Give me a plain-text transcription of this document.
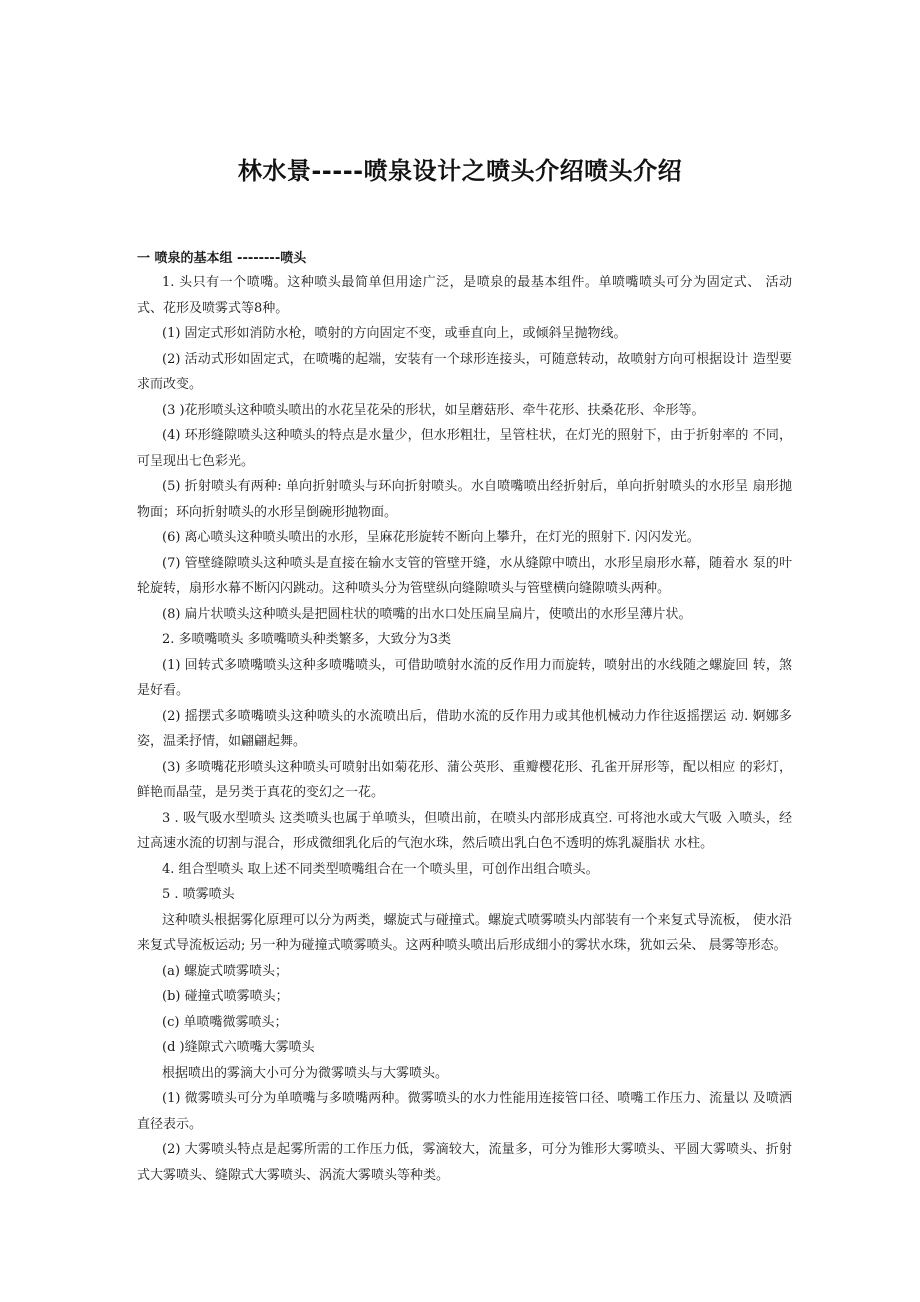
林水景-----喷泉设计之喷头介绍喷头介绍
一 喷泉的基本组 --------喷头

1. 头只有一个喷嘴。这种喷头最简单但用途广泛，是喷泉的最基本组件。单喷嘴喷头可分为固定式、 活动式、花形及喷雾式等8种。

(1) 固定式形如消防水枪，喷射的方向固定不变，或垂直向上，或倾斜呈抛物线。

(2) 活动式形如固定式，在喷嘴的起端，安装有一个球形连接头，可随意转动，故喷射方向可根据设计 造型要求而改变。

(3 )花形喷头这种喷头喷出的水花呈花朵的形状，如呈蘑菇形、牵牛花形、扶桑花形、伞形等。

(4) 环形缝隙喷头这种喷头的特点是水量少，但水形粗壮，呈管柱状，在灯光的照射下，由于折射率的 不同，可呈现出七色彩光。

(5) 折射喷头有两种: 单向折射喷头与环向折射喷头。水自喷嘴喷出经折射后，单向折射喷头的水形呈 扇形抛物面；环向折射喷头的水形呈倒碗形抛物面。

(6) 离心喷头这种喷头喷出的水形，呈麻花形旋转不断向上攀升，在灯光的照射下. 闪闪发光。

(7) 管壁缝隙喷头这种喷头是直接在输水支管的管壁开缝，水从缝隙中喷出，水形呈扇形水幕，随着水 泵的叶轮旋转，扇形水幕不断闪闪跳动。这种喷头分为管壁纵向缝隙喷头与管壁横向缝隙喷头两种。

(8) 扁片状喷头这种喷头是把圆柱状的喷嘴的出水口处压扁呈扁片，使喷出的水形呈薄片状。

2. 多喷嘴喷头 多喷嘴喷头种类繁多，大致分为3类

(1) 回转式多喷嘴喷头这种多喷嘴喷头，可借助喷射水流的反作用力而旋转，喷射出的水线随之螺旋回 转，煞是好看。

(2) 摇摆式多喷嘴喷头这种喷头的水流喷出后，借助水流的反作用力或其他机械动力作往返摇摆运 动. 婀娜多姿，温柔抒情，如翩翩起舞。

(3) 多喷嘴花形喷头这种喷头可喷射出如菊花形、蒲公英形、重瓣樱花形、孔雀开屏形等，配以相应 的彩灯，鲜艳而晶莹，是另类于真花的变幻之一花。

3 . 吸气吸水型喷头 这类喷头也属于单喷头，但喷出前，在喷头内部形成真空. 可将池水或大气吸 入喷头，经过高速水流的切割与混合，形成微细乳化后的气泡水珠，然后喷出乳白色不透明的炼乳凝脂状 水柱。

4. 组合型喷头 取上述不同类型喷嘴组合在一个喷头里，可创作出组合喷头。

5 . 喷雾喷头

这种喷头根据雾化原理可以分为两类，螺旋式与碰撞式。螺旋式喷雾喷头内部装有一个来复式导流板， 使水沿来复式导流板运动; 另一种为碰撞式喷雾喷头。这两种喷头喷出后形成细小的雾状水珠，犹如云朵、 晨雾等形态。

(a) 螺旋式喷雾喷头；

(b) 碰撞式喷雾喷头；

(c) 单喷嘴微雾喷头；

(d )缝隙式六喷嘴大雾喷头

根据喷出的雾滴大小可分为微雾喷头与大雾喷头。

(1) 微雾喷头可分为单喷嘴与多喷嘴两种。微雾喷头的水力性能用连接管口径、喷嘴工作压力、流量以 及喷洒直径表示。

(2) 大雾喷头特点是起雾所需的工作压力低，雾滴较大，流量多，可分为锥形大雾喷头、平圆大雾喷头、折射式大雾喷头、缝隙式大雾喷头、涡流大雾喷头等种类。
